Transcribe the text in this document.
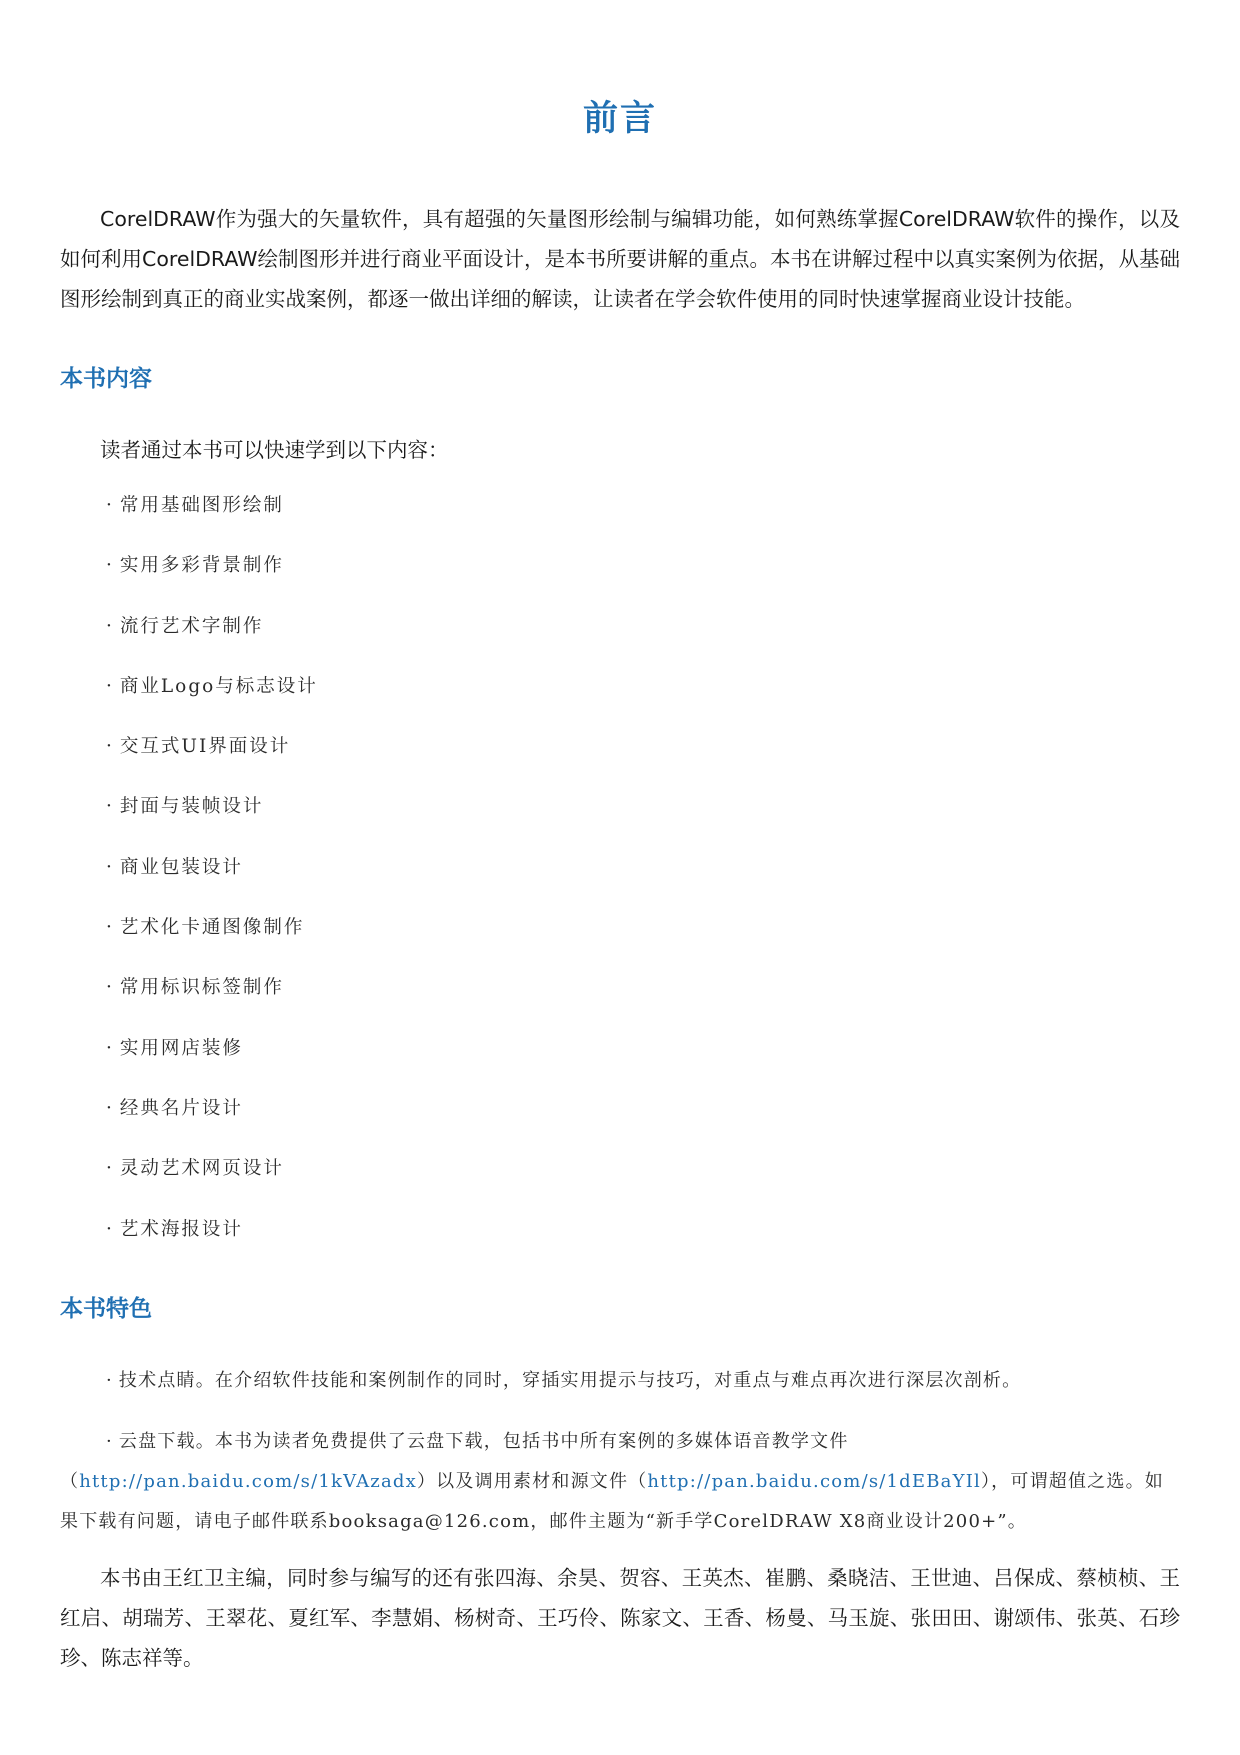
前言

CorelDRAW作为强大的矢量软件，具有超强的矢量图形绘制与编辑功能，如何熟练掌握CorelDRAW软件的操作，以及如何利用CorelDRAW绘制图形并进行商业平面设计，是本书所要讲解的重点。本书在讲解过程中以真实案例为依据，从基础图形绘制到真正的商业实战案例，都逐一做出详细的解读，让读者在学会软件使用的同时快速掌握商业设计技能。

本书内容

读者通过本书可以快速学到以下内容：

· 常用基础图形绘制
· 实用多彩背景制作
· 流行艺术字制作
· 商业Logo与标志设计
· 交互式UI界面设计
· 封面与装帧设计
· 商业包装设计
· 艺术化卡通图像制作
· 常用标识标签制作
· 实用网店装修
· 经典名片设计
· 灵动艺术网页设计
· 艺术海报设计
本书特色

· 技术点睛。在介绍软件技能和案例制作的同时，穿插实用提示与技巧，对重点与难点再次进行深层次剖析。

· 云盘下载。本书为读者免费提供了云盘下载，包括书中所有案例的多媒体语音教学文件（http://pan.baidu.com/s/1kVAzadx）以及调用素材和源文件（http://pan.baidu.com/s/1dEBaYIl），可谓超值之选。如果下载有问题，请电子邮件联系booksaga@126.com，邮件主题为“新手学CorelDRAW X8商业设计200+”。

本书由王红卫主编，同时参与编写的还有张四海、余昊、贺容、王英杰、崔鹏、桑晓洁、王世迪、吕保成、蔡桢桢、王红启、胡瑞芳、王翠花、夏红军、李慧娟、杨树奇、王巧伶、陈家文、王香、杨曼、马玉旋、张田田、谢颂伟、张英、石珍珍、陈志祥等。
